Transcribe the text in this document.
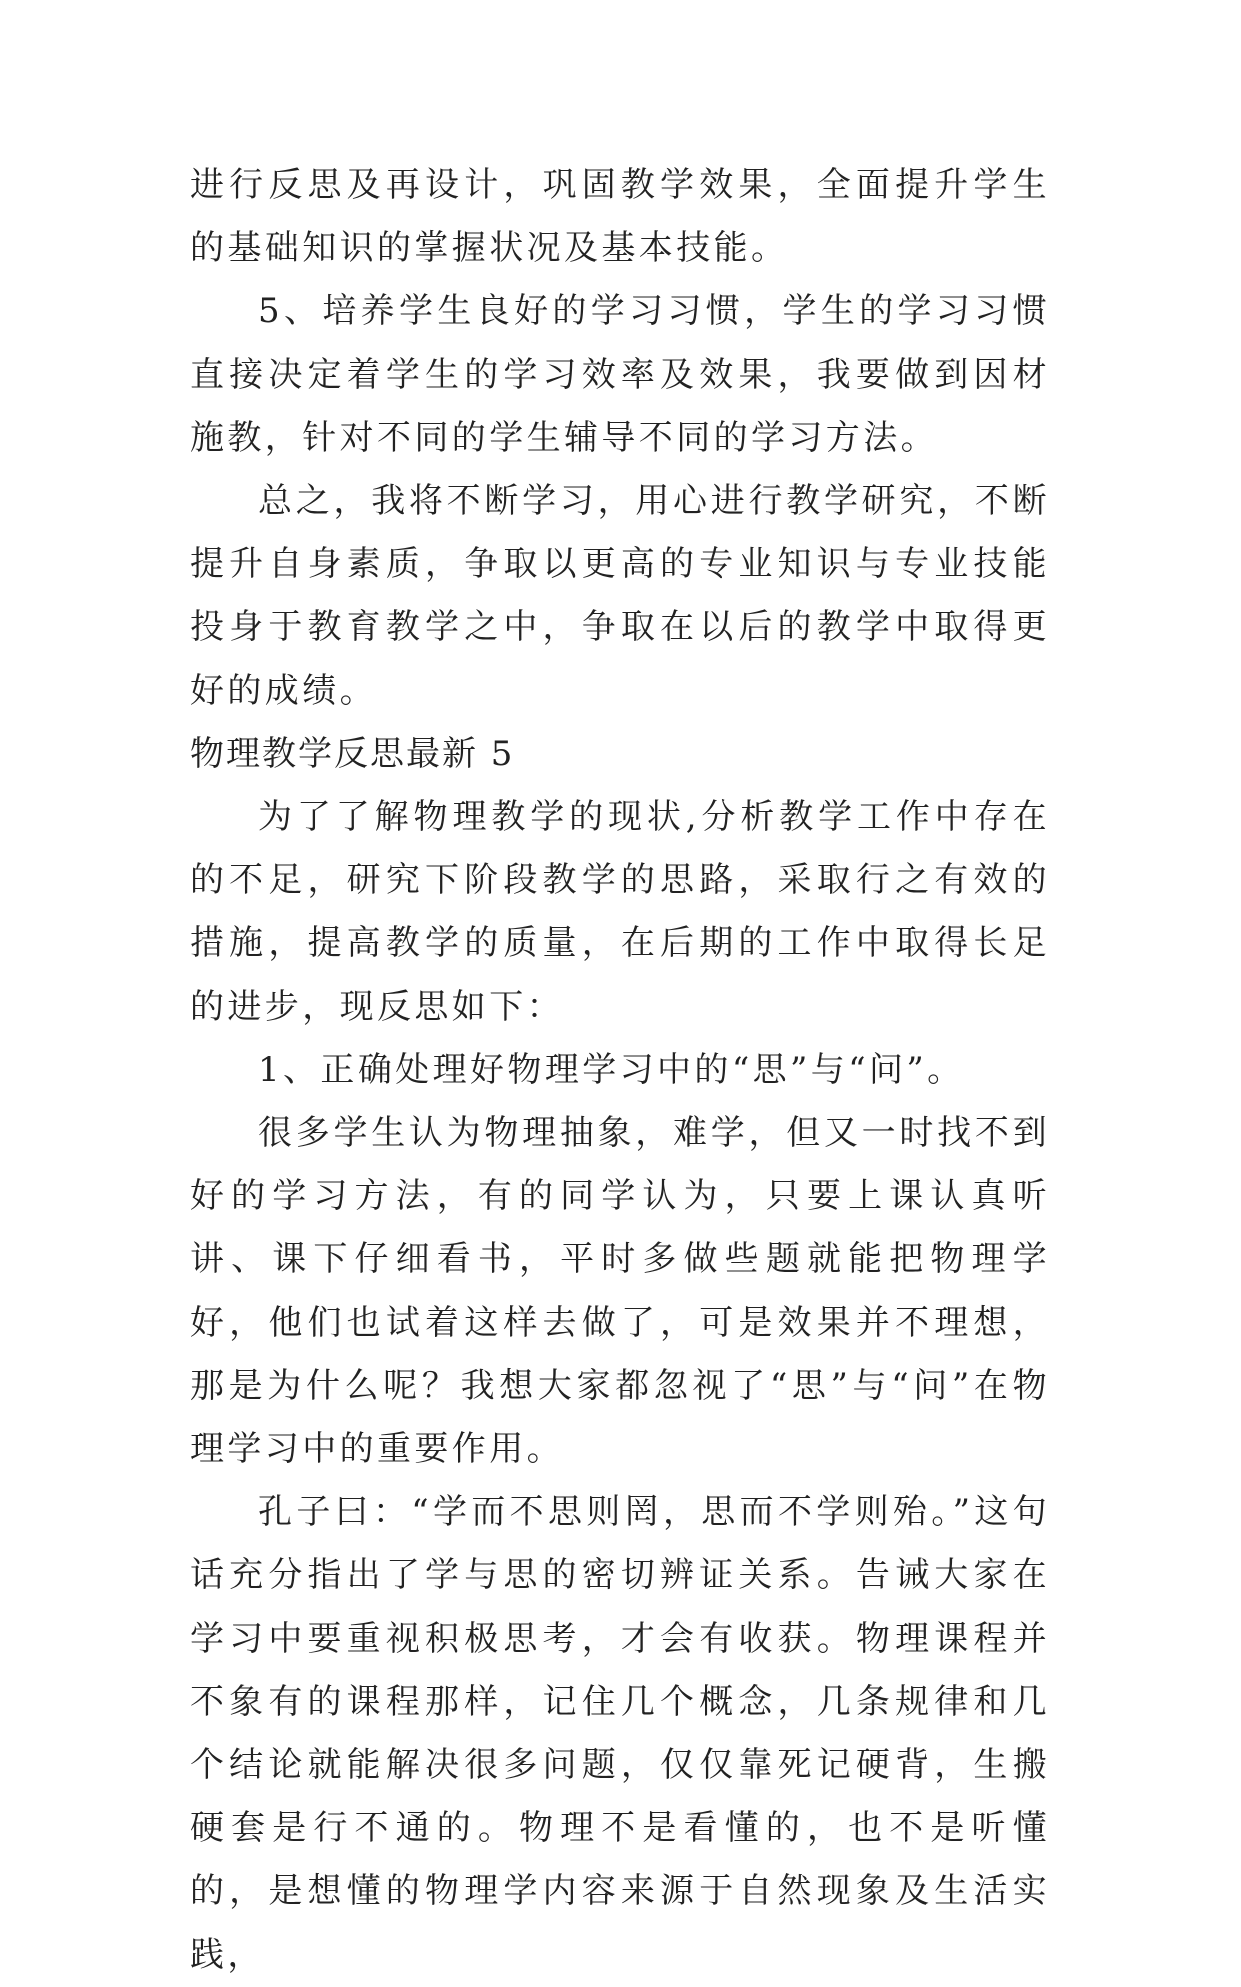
进行反思及再设计，巩固教学效果，全面提升学生的基础知识的掌握状况及基本技能。

5、培养学生良好的学习习惯，学生的学习习惯直接决定着学生的学习效率及效果，我要做到因材施教，针对不同的学生辅导不同的学习方法。

总之，我将不断学习，用心进行教学研究，不断提升自身素质，争取以更高的专业知识与专业技能投身于教育教学之中，争取在以后的教学中取得更好的成绩。

物理教学反思最新 5

为了了解物理教学的现状,分析教学工作中存在的不足，研究下阶段教学的思路，采取行之有效的措施，提高教学的质量，在后期的工作中取得长足的进步，现反思如下：

1、正确处理好物理学习中的“思”与“问”。

很多学生认为物理抽象，难学，但又一时找不到好的学习方法，有的同学认为，只要上课认真听讲、课下仔细看书，平时多做些题就能把物理学好，他们也试着这样去做了，可是效果并不理想，那是为什么呢？我想大家都忽视了“思”与“问”在物理学习中的重要作用。

孔子曰：“学而不思则罔，思而不学则殆。”这句话充分指出了学与思的密切辨证关系。告诫大家在学习中要重视积极思考，才会有收获。物理课程并不象有的课程那样，记住几个概念，几条规律和几个结论就能解决很多问题，仅仅靠死记硬背，生搬硬套是行不通的。物理不是看懂的，也不是听懂的，是想懂的物理学内容来源于自然现象及生活实践，
